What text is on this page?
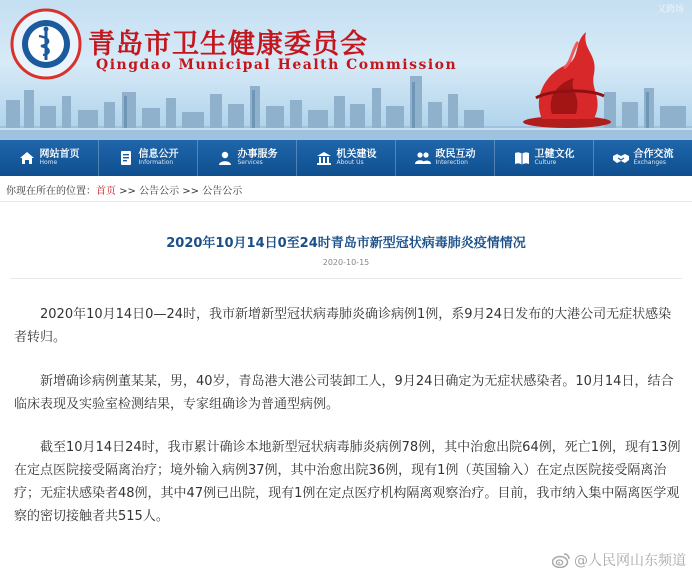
又跨场
青岛市卫生健康委员会
Qingdao Municipal Health Commission
网站首页
Home
信息公开
Information
办事服务
Services
机关建设
About Us
政民互动
Interection
卫健文化
Culture
合作交流
Exchanges
你现在所在的位置：首页 >> 公告公示 >> 公告公示
2020年10月14日0至24时青岛市新型冠状病毒肺炎疫情情况
2020-10-15

2020年10月14日0—24时，我市新增新型冠状病毒肺炎确诊病例1例，系9月24日发布的大港公司无症状感染者转归。

新增确诊病例董某某，男，40岁，青岛港大港公司装卸工人，9月24日确定为无症状感染者。10月14日，结合临床表现及实验室检测结果，专家组确诊为普通型病例。

截至10月14日24时，我市累计确诊本地新型冠状病毒肺炎病例78例，其中治愈出院64例，死亡1例，现有13例在定点医院接受隔离治疗；境外输入病例37例，其中治愈出院36例，现有1例（英国输入）在定点医院接受隔离治疗；无症状感染者48例，其中47例已出院，现有1例在定点医疗机构隔离观察治疗。目前，我市纳入集中隔离医学观察的密切接触者共515人。

@人民网山东频道
